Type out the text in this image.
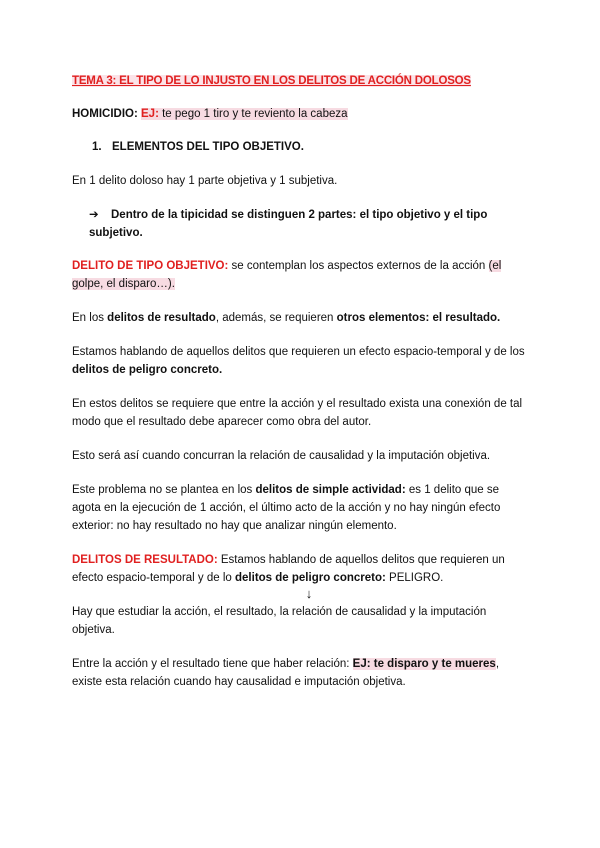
TEMA 3: EL TIPO DE LO INJUSTO EN LOS DELITOS DE ACCIÓN DOLOSOS

HOMICIDIO: EJ: te pego 1 tiro y te reviento la cabeza

1. ELEMENTOS DEL TIPO OBJETIVO.

En 1 delito doloso hay 1 parte objetiva y 1 subjetiva.

➔ Dentro de la tipicidad se distinguen 2 partes: el tipo objetivo y el tipo subjetivo.

DELITO DE TIPO OBJETIVO: se contemplan los aspectos externos de la acción (el golpe, el disparo…).

En los delitos de resultado, además, se requieren otros elementos: el resultado.

Estamos hablando de aquellos delitos que requieren un efecto espacio-temporal y de los delitos de peligro concreto.

En estos delitos se requiere que entre la acción y el resultado exista una conexión de tal modo que el resultado debe aparecer como obra del autor.

Esto será así cuando concurran la relación de causalidad y la imputación objetiva.

Este problema no se plantea en los delitos de simple actividad: es 1 delito que se agota en la ejecución de 1 acción, el último acto de la acción y no hay ningún efecto exterior: no hay resultado no hay que analizar ningún elemento.

DELITOS DE RESULTADO: Estamos hablando de aquellos delitos que requieren un efecto espacio-temporal y de lo delitos de peligro concreto: PELIGRO.

↓

Hay que estudiar la acción, el resultado, la relación de causalidad y la imputación objetiva.

Entre la acción y el resultado tiene que haber relación: EJ: te disparo y te mueres, existe esta relación cuando hay causalidad e imputación objetiva.
